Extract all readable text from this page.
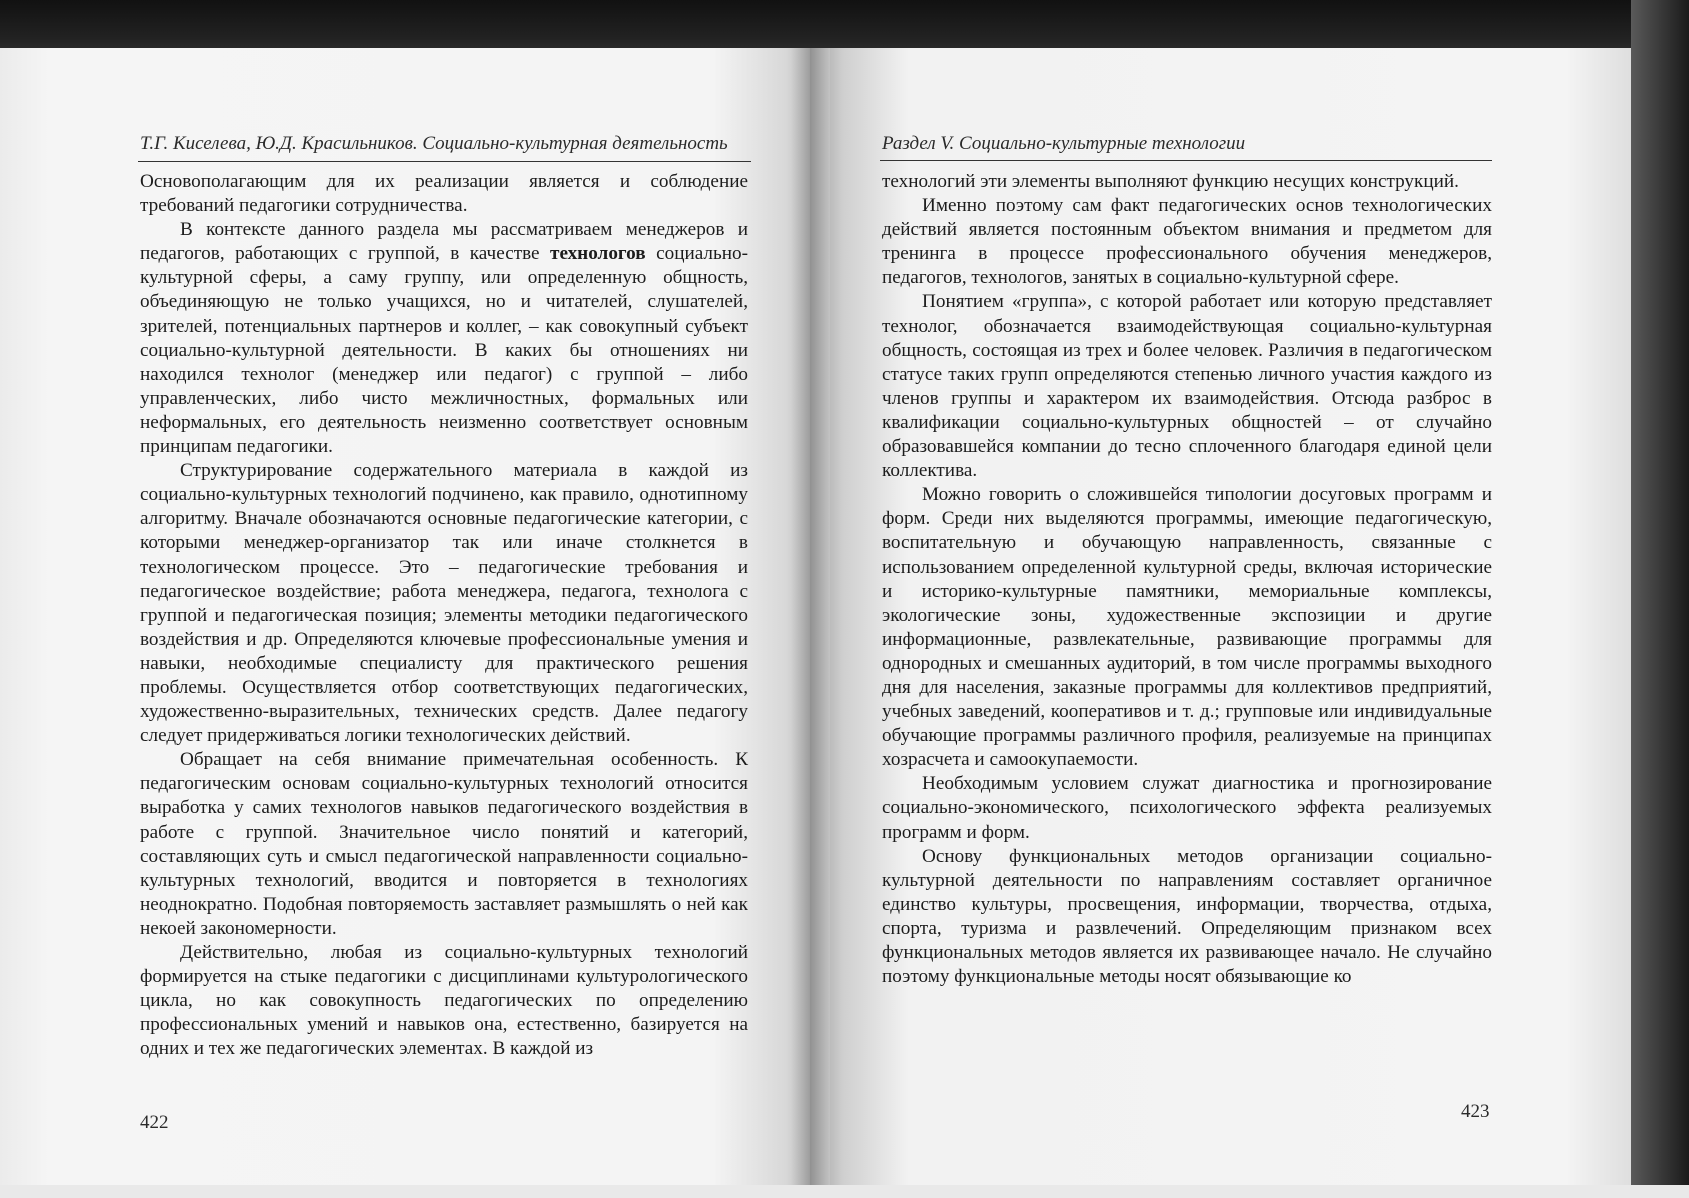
Т.Г. Киселева, Ю.Д. Красильников. Социально-культурная деятельность

Основополагающим для их реализации является и соблюдение требований педагогики сотрудничества.

В контексте данного раздела мы рассматриваем менеджеров и педагогов, работающих с группой, в качестве технологов социально-культурной сферы, а саму группу, или определенную общность, объединяющую не только учащихся, но и читателей, слушателей, зрителей, потенциальных партнеров и коллег, – как совокупный субъект социально-культурной деятельности. В каких бы отношениях ни находился технолог (менеджер или педагог) с группой – либо управленческих, либо чисто межличностных, формальных или неформальных, его деятельность неизменно соответствует основным принципам педагогики.

Структурирование содержательного материала в каждой из социально-культурных технологий подчинено, как правило, однотипному алгоритму. Вначале обозначаются основные педагогические категории, с которыми менеджер-организатор так или иначе столкнется в технологическом процессе. Это – педагогические требования и педагогическое воздействие; работа менеджера, педагога, технолога с группой и педагогическая позиция; элементы методики педагогического воздействия и др. Определяются ключевые профессиональные умения и навыки, необходимые специалисту для практического решения проблемы. Осуществляется отбор соответствующих педагогических, художественно-выразительных, технических средств. Далее педагогу следует придерживаться логики технологических действий.

Обращает на себя внимание примечательная особенность. К педагогическим основам социально-культурных технологий относится выработка у самих технологов навыков педагогического воздействия в работе с группой. Значительное число понятий и категорий, составляющих суть и смысл педагогической направленности социально-культурных технологий, вводится и повторяется в технологиях неоднократно. Подобная повторяемость заставляет размышлять о ней как некоей закономерности.

Действительно, любая из социально-культурных технологий формируется на стыке педагогики с дисциплинами культурологического цикла, но как совокупность педагогических по определению профессиональных умений и навыков она, естественно, базируется на одних и тех же педагогических элементах. В каждой из

422
Раздел V. Социально-культурные технологии

технологий эти элементы выполняют функцию несущих конструкций.

Именно поэтому сам факт педагогических основ технологических действий является постоянным объектом внимания и предметом для тренинга в процессе профессионального обучения менеджеров, педагогов, технологов, занятых в социально-культурной сфере.

Понятием «группа», с которой работает или которую представляет технолог, обозначается взаимодействующая социально-культурная общность, состоящая из трех и более человек. Различия в педагогическом статусе таких групп определяются степенью личного участия каждого из членов группы и характером их взаимодействия. Отсюда разброс в квалификации социально-культурных общностей – от случайно образовавшейся компании до тесно сплоченного благодаря единой цели коллектива.

Можно говорить о сложившейся типологии досуговых программ и форм. Среди них выделяются программы, имеющие педагогическую, воспитательную и обучающую направленность, связанные с использованием определенной культурной среды, включая исторические и историко-культурные памятники, мемориальные комплексы, экологические зоны, художественные экспозиции и другие информационные, развлекательные, развивающие программы для однородных и смешанных аудиторий, в том числе программы выходного дня для населения, заказные программы для коллективов предприятий, учебных заведений, кооперативов и т. д.; групповые или индивидуальные обучающие программы различного профиля, реализуемые на принципах хозрасчета и самоокупаемости.

Необходимым условием служат диагностика и прогнозирование социально-экономического, психологического эффекта реализуемых программ и форм.

Основу функциональных методов организации социально-культурной деятельности по направлениям составляет органичное единство культуры, просвещения, информации, творчества, отдыха, спорта, туризма и развлечений. Определяющим признаком всех функциональных методов является их развивающее начало. Не случайно поэтому функциональные методы носят обязывающие ко

423
